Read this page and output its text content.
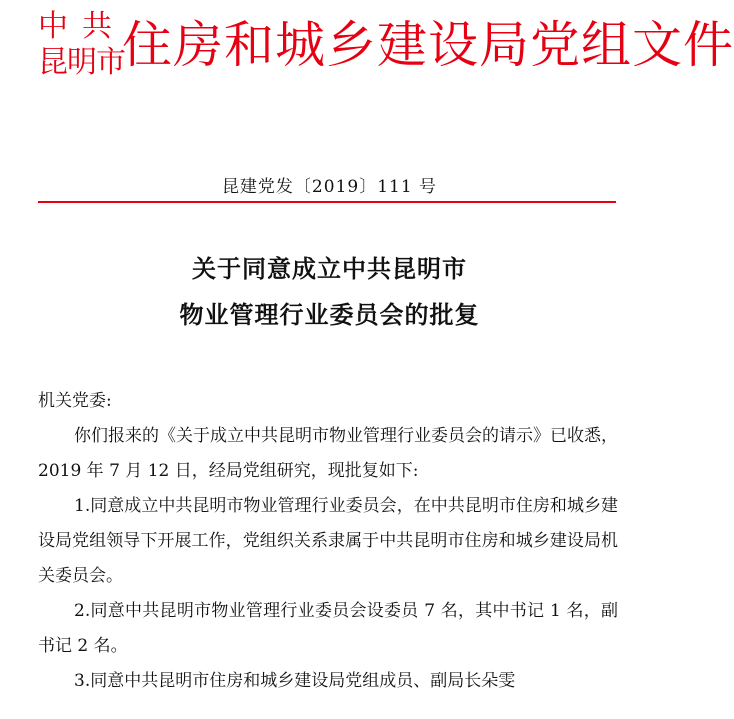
中共
昆明市
住房和城乡建设局党组文件
昆建党发〔2019〕111 号
关于同意成立中共昆明市
物业管理行业委员会的批复

机关党委:

你们报来的《关于成立中共昆明市物业管理行业委员会的请示》已收悉，2019 年 7 月 12 日，经局党组研究，现批复如下:

1.同意成立中共昆明市物业管理行业委员会，在中共昆明市住房和城乡建设局党组领导下开展工作，党组织关系隶属于中共昆明市住房和城乡建设局机关委员会。

2.同意中共昆明市物业管理行业委员会设委员 7 名，其中书记 1 名，副书记 2 名。

3.同意中共昆明市住房和城乡建设局党组成员、副局长朵雯
